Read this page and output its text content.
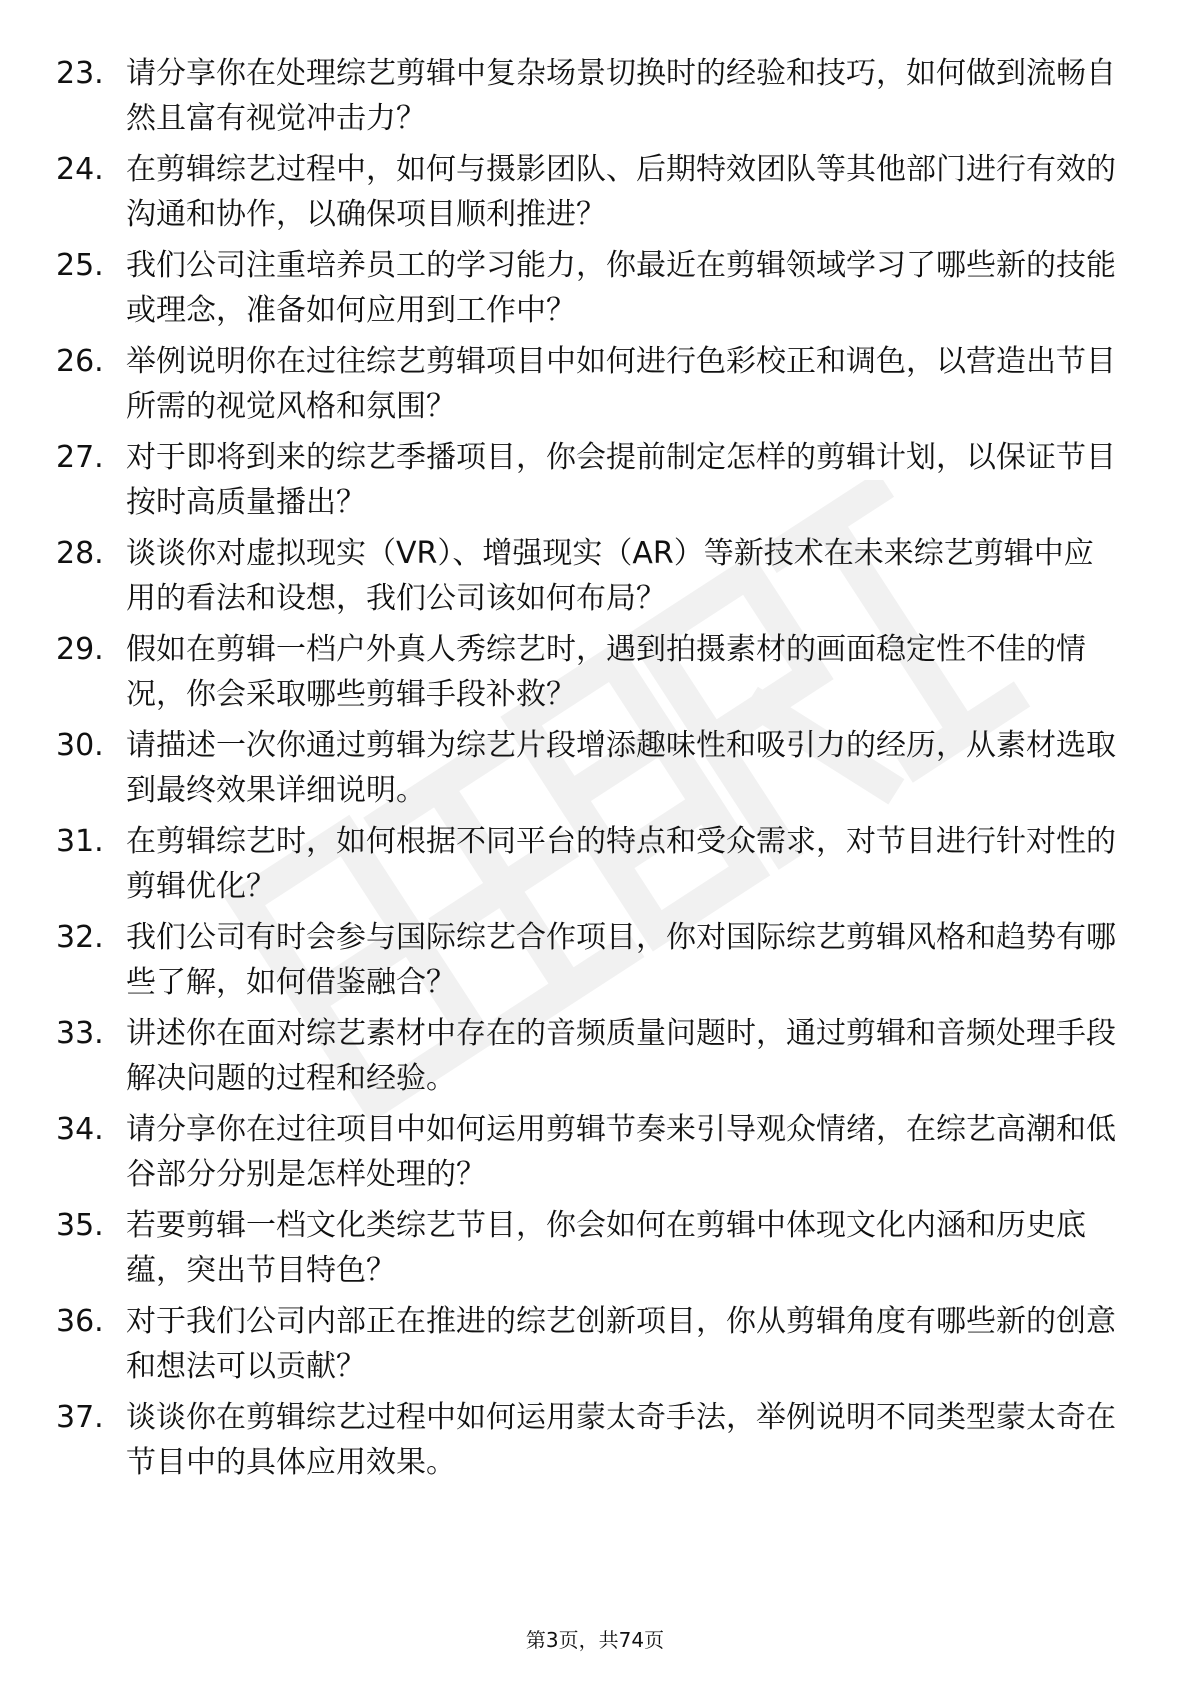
23. 请分享你在处理综艺剪辑中复杂场景切换时的经验和技巧，如何做到流畅自然且富有视觉冲击力？
24. 在剪辑综艺过程中，如何与摄影团队、后期特效团队等其他部门进行有效的沟通和协作，以确保项目顺利推进？
25. 我们公司注重培养员工的学习能力，你最近在剪辑领域学习了哪些新的技能或理念，准备如何应用到工作中？
26. 举例说明你在过往综艺剪辑项目中如何进行色彩校正和调色，以营造出节目所需的视觉风格和氛围？
27. 对于即将到来的综艺季播项目，你会提前制定怎样的剪辑计划，以保证节目按时高质量播出？
28. 谈谈你对虚拟现实（VR）、增强现实（AR）等新技术在未来综艺剪辑中应用的看法和设想，我们公司该如何布局？
29. 假如在剪辑一档户外真人秀综艺时，遇到拍摄素材的画面稳定性不佳的情况，你会采取哪些剪辑手段补救？
30. 请描述一次你通过剪辑为综艺片段增添趣味性和吸引力的经历，从素材选取到最终效果详细说明。
31. 在剪辑综艺时，如何根据不同平台的特点和受众需求，对节目进行针对性的剪辑优化？
32. 我们公司有时会参与国际综艺合作项目，你对国际综艺剪辑风格和趋势有哪些了解，如何借鉴融合？
33. 讲述你在面对综艺素材中存在的音频质量问题时，通过剪辑和音频处理手段解决问题的过程和经验。
34. 请分享你在过往项目中如何运用剪辑节奏来引导观众情绪，在综艺高潮和低谷部分分别是怎样处理的？
35. 若要剪辑一档文化类综艺节目，你会如何在剪辑中体现文化内涵和历史底蕴，突出节目特色？
36. 对于我们公司内部正在推进的综艺创新项目，你从剪辑角度有哪些新的创意和想法可以贡献？
37. 谈谈你在剪辑综艺过程中如何运用蒙太奇手法，举例说明不同类型蒙太奇在节目中的具体应用效果。
第3页，共74页
